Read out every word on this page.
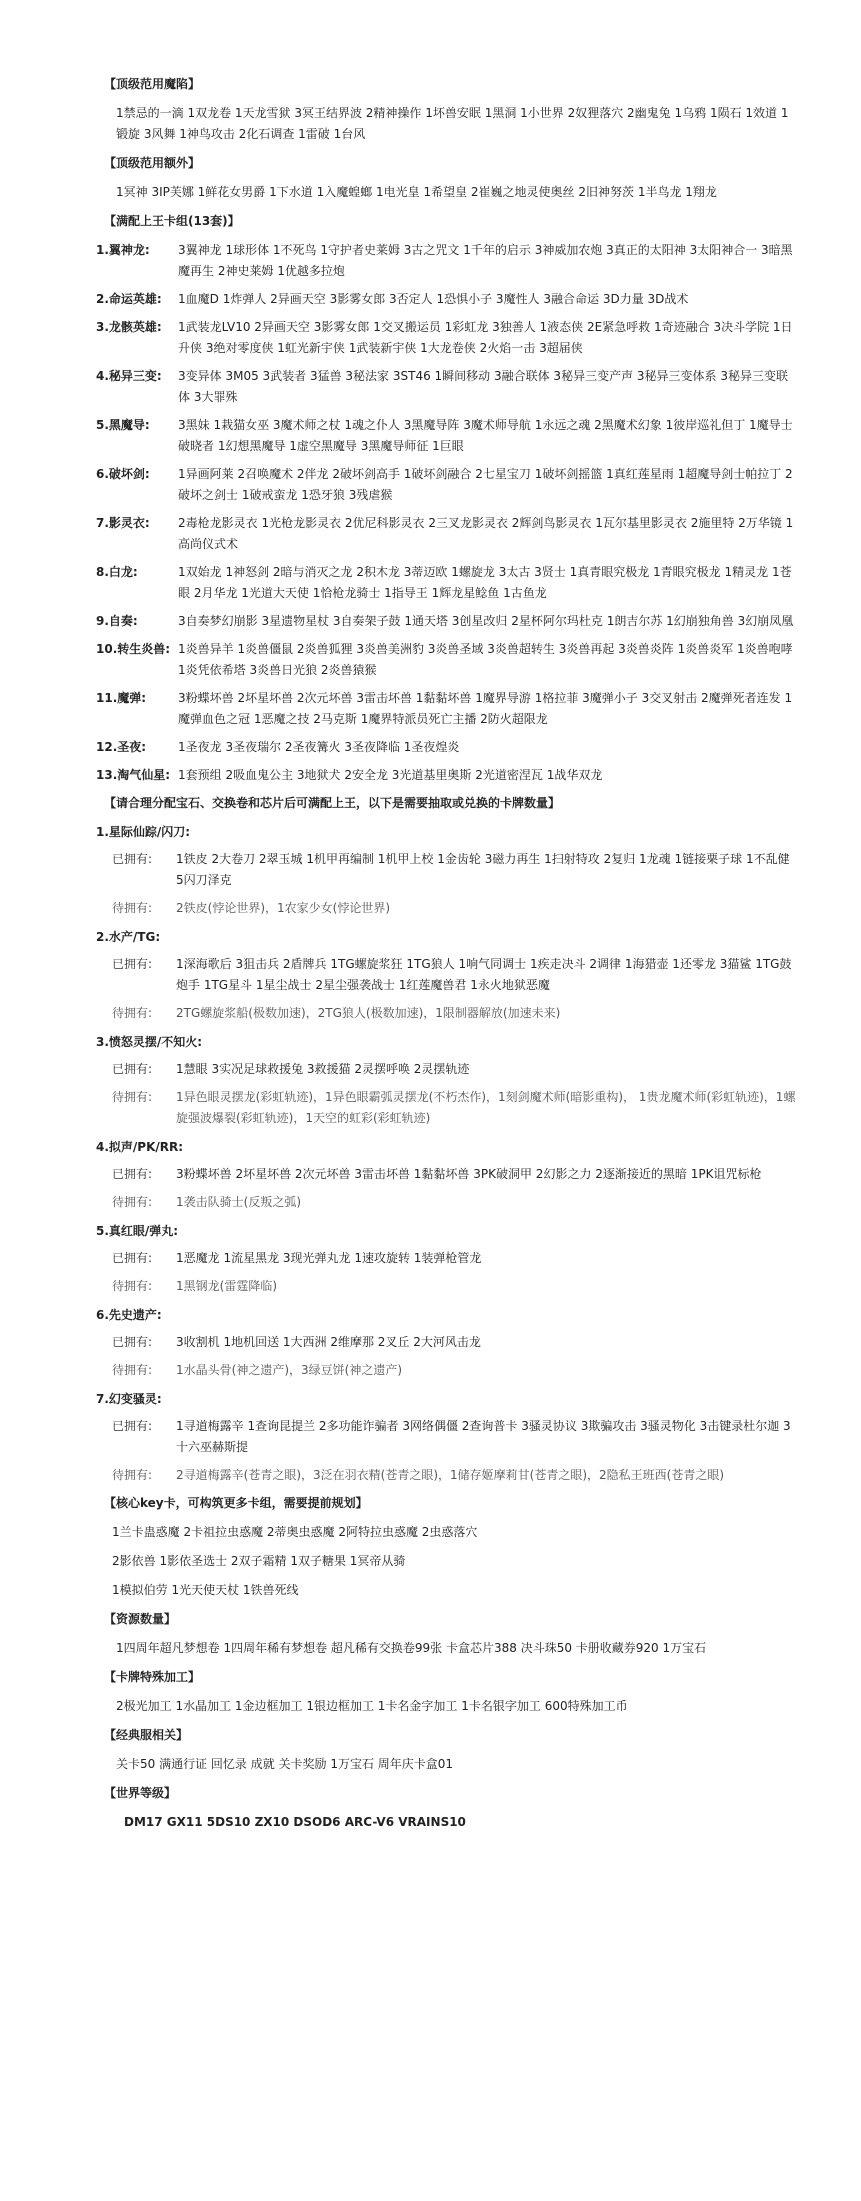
【顶级范用魔陷】
1禁忌的一滴 1双龙卷 1天龙雪狱 3冥王结界波 2精神操作 1坏兽安眠 1黑洞 1小世界 2奴狸落穴 2幽鬼兔 1乌鸦 1陨石 1效道 1锻旋 3风舞 1神鸟攻击 2化石调查 1雷破 1台风
【顶级范用额外】
1冥神 3IP芙娜 1鲜花女男爵 1下水道 1入魔蝗螂 1电光皇 1希望皇 2崔巍之地灵使奥丝 2旧神努茨 1半鸟龙 1翔龙
【满配上王卡组(13套)】
1.翼神龙:	3翼神龙 1球形体 1不死鸟 1守护者史莱姆 3古之咒文 1千年的启示 3神威加农炮 3真正的太阳神 3太阳神合一 3暗黑魔再生 2神史莱姆 1优越多拉炮
2.命运英雄:	1血魔D 1炸弹人 2异画天空 3影雾女郎 3否定人 1恐惧小子 3魔性人 3融合命运 3D力量 3D战术
3.龙骸英雄:	1武装龙LV10 2异画天空 3影雾女郎 1交叉搬运员 1彩虹龙 3独善人 1液态侠 2E紧急呼救 1奇迹融合 3决斗学院 1日升侠 3绝对零度侠 1虹光新宇侠 1武装新宇侠 1大龙卷侠 2火焰一击 3超届侠
4.秘异三变:	3变异体 3M05 3武装者 3猛兽 3秘法家 3ST46 1瞬间移动 3融合联体 3秘异三变产声 3秘异三变体系 3秘异三变联体 3大罪殊
5.黑魔导:	3黑妹 1栽猫女巫 3魔术师之杖 1魂之仆人 3黑魔导阵 3魔术师导航 1永远之魂 2黑魔术幻象 1彼岸巡礼但丁 1魔导士破晓者 1幻想黑魔导 1虚空黑魔导 3黑魔导师征 1巨眼
6.破坏剑:	1异画阿莱 2召唤魔术 2伴龙 2破坏剑高手 1破坏剑融合 2七星宝刀 1破坏剑摇篮 1真红莲星雨 1超魔导剑士帕拉丁 2破坏之剑士 1破戒蛮龙 1恐牙狼 3残虐猴
7.影灵衣:	2毒枪龙影灵衣 1光枪龙影灵衣 2优尼科影灵衣 2三叉龙影灵衣 2辉剑鸟影灵衣 1瓦尔基里影灵衣 2施里特 2万华镜 1高尚仪式术
8.白龙:	1双始龙 1神怒剑 2暗与消灭之龙 2积木龙 3蒂迈欧 1螺旋龙 3太古 3贤士 1真青眼究极龙 1青眼究极龙 1精灵龙 1苍眼 2月华龙 1光道大天使 1恰枪龙骑士 1指导王 1辉龙星鲶鱼 1古鱼龙
9.自奏:	3自奏梦幻崩影 3星遗物星杖 3自奏架子鼓 1通天塔 3创星改归 2星杯阿尔玛杜克 1朗吉尔苏 1幻崩独角兽 3幻崩凤凰
10.转生炎兽: 1炎兽异羊 1炎兽僵鼠 2炎兽狐狸 3炎兽美洲豹 3炎兽圣域 3炎兽超转生 3炎兽再起 3炎兽炎阵 1炎兽炎军 1炎兽咆哮 1炎凭依希塔 3炎兽日光狼 2炎兽猿猴
11.魔弹:	3粉蝶坏兽 2坏星坏兽 2次元坏兽 3雷击坏兽 1黏黏坏兽 1魔界导游 1格拉菲 3魔弹小子 3交叉射击 2魔弹死者连发 1魔弹血色之冠 1恶魔之技 2马克斯 1魔界特派员死亡主播 2防火超限龙
12.圣夜:	1圣夜龙 3圣夜瑞尔 2圣夜篝火 3圣夜降临 1圣夜煌炎
13.淘气仙星: 1套预组 2吸血鬼公主 3地狱犬 2安全龙 3光道基里奥斯 2光道密涅瓦 1战华双龙
【请合理分配宝石、交换卷和芯片后可满配上王，以下是需要抽取或兑换的卡牌数量】
1.星际仙踪/闪刀:
已拥有:	1铁皮 2大卷刀 2翠玉城 1机甲再编制 1机甲上校 1金齿轮 3磁力再生 1扫射特攻 2复归 1龙魂 1链接栗子球 1不乱健 5闪刀泽克
待拥有:	2铁皮(悖论世界)，1农家少女(悖论世界)
2.水产/TG:
已拥有:	1深海歌后 3狙击兵 2盾牌兵 1TG螺旋浆狂 1TG狼人 1响气同调士 1疾走决斗 2调律 1海猎壶 1还零龙 3猫鲨 1TG鼓炮手 1TG星斗 1星尘战士 2星尘强袭战士 1红莲魔兽君 1永火地狱恶魔
待拥有:	2TG螺旋浆船(极数加速)，2TG狼人(极数加速)，1限制器解放(加速未来)
3.愤怒灵摆/不知火:
已拥有:	1慧眼 3实况足球救援兔 3救援猫 2灵摆呼唤 2灵摆轨迹
待拥有:	1异色眼灵摆龙(彩虹轨迹)，1异色眼霸弧灵摆龙(不朽杰作)，1刻剑魔术师(暗影重构)， 1贵龙魔术师(彩虹轨迹)，1螺旋强波爆裂(彩虹轨迹)，1天空的虹彩(彩虹轨迹)
4.拟声/PK/RR:
已拥有:	3粉蝶坏兽 2坏星坏兽 2次元坏兽 3雷击坏兽 1黏黏坏兽 3PK破洞甲 2幻影之力 2逐渐接近的黑暗 1PK诅咒标枪
待拥有:	1袭击队骑士(反叛之弧)
5.真红眼/弹丸:
已拥有:	1恶魔龙 1流星黑龙 3现光弹丸龙 1速攻旋转 1装弹枪管龙
待拥有:	1黑钢龙(雷霆降临)
6.先史遗产:
已拥有:	3收割机 1地机回送 1大西洲 2维摩那 2叉丘 2大河风击龙
待拥有:	1水晶头骨(神之遗产)，3绿豆饼(神之遗产)
7.幻变骚灵:
已拥有:	1寻道梅露辛 1查询昆提兰 2多功能诈骗者 3网络偶僵 2查询普卡 3骚灵协议 3欺骗攻击 3骚灵物化 3击键录杜尔迦 3十六巫赫斯提
待拥有:	2寻道梅露辛(苍青之眼)，3泛在羽衣精(苍青之眼)，1储存姬摩莉甘(苍青之眼)，2隐私王班西(苍青之眼)
【核心key卡，可构筑更多卡组，需要提前规划】
1兰卡蛊惑魔 2卡祖拉虫惑魔 2蒂奥虫惑魔 2阿特拉虫惑魔 2虫惑落穴
2影依兽 1影依圣选士 2双子霜精 1双子糖果 1冥帝从骑
1模拟伯劳 1光天使天杖 1铁兽死线
【资源数量】
1四周年超凡梦想卷 1四周年稀有梦想卷 超凡稀有交换卷99张 卡盒芯片388 决斗珠50 卡册收藏券920 1万宝石
【卡牌特殊加工】
2极光加工 1水晶加工 1金边框加工 1银边框加工 1卡名金字加工 1卡名银字加工 600特殊加工币
【经典服相关】
关卡50 满通行证 回忆录 成就 关卡奖励 1万宝石 周年庆卡盒01
【世界等级】
DM17 GX11 5DS10 ZX10 DSOD6 ARC-V6 VRAINS10
